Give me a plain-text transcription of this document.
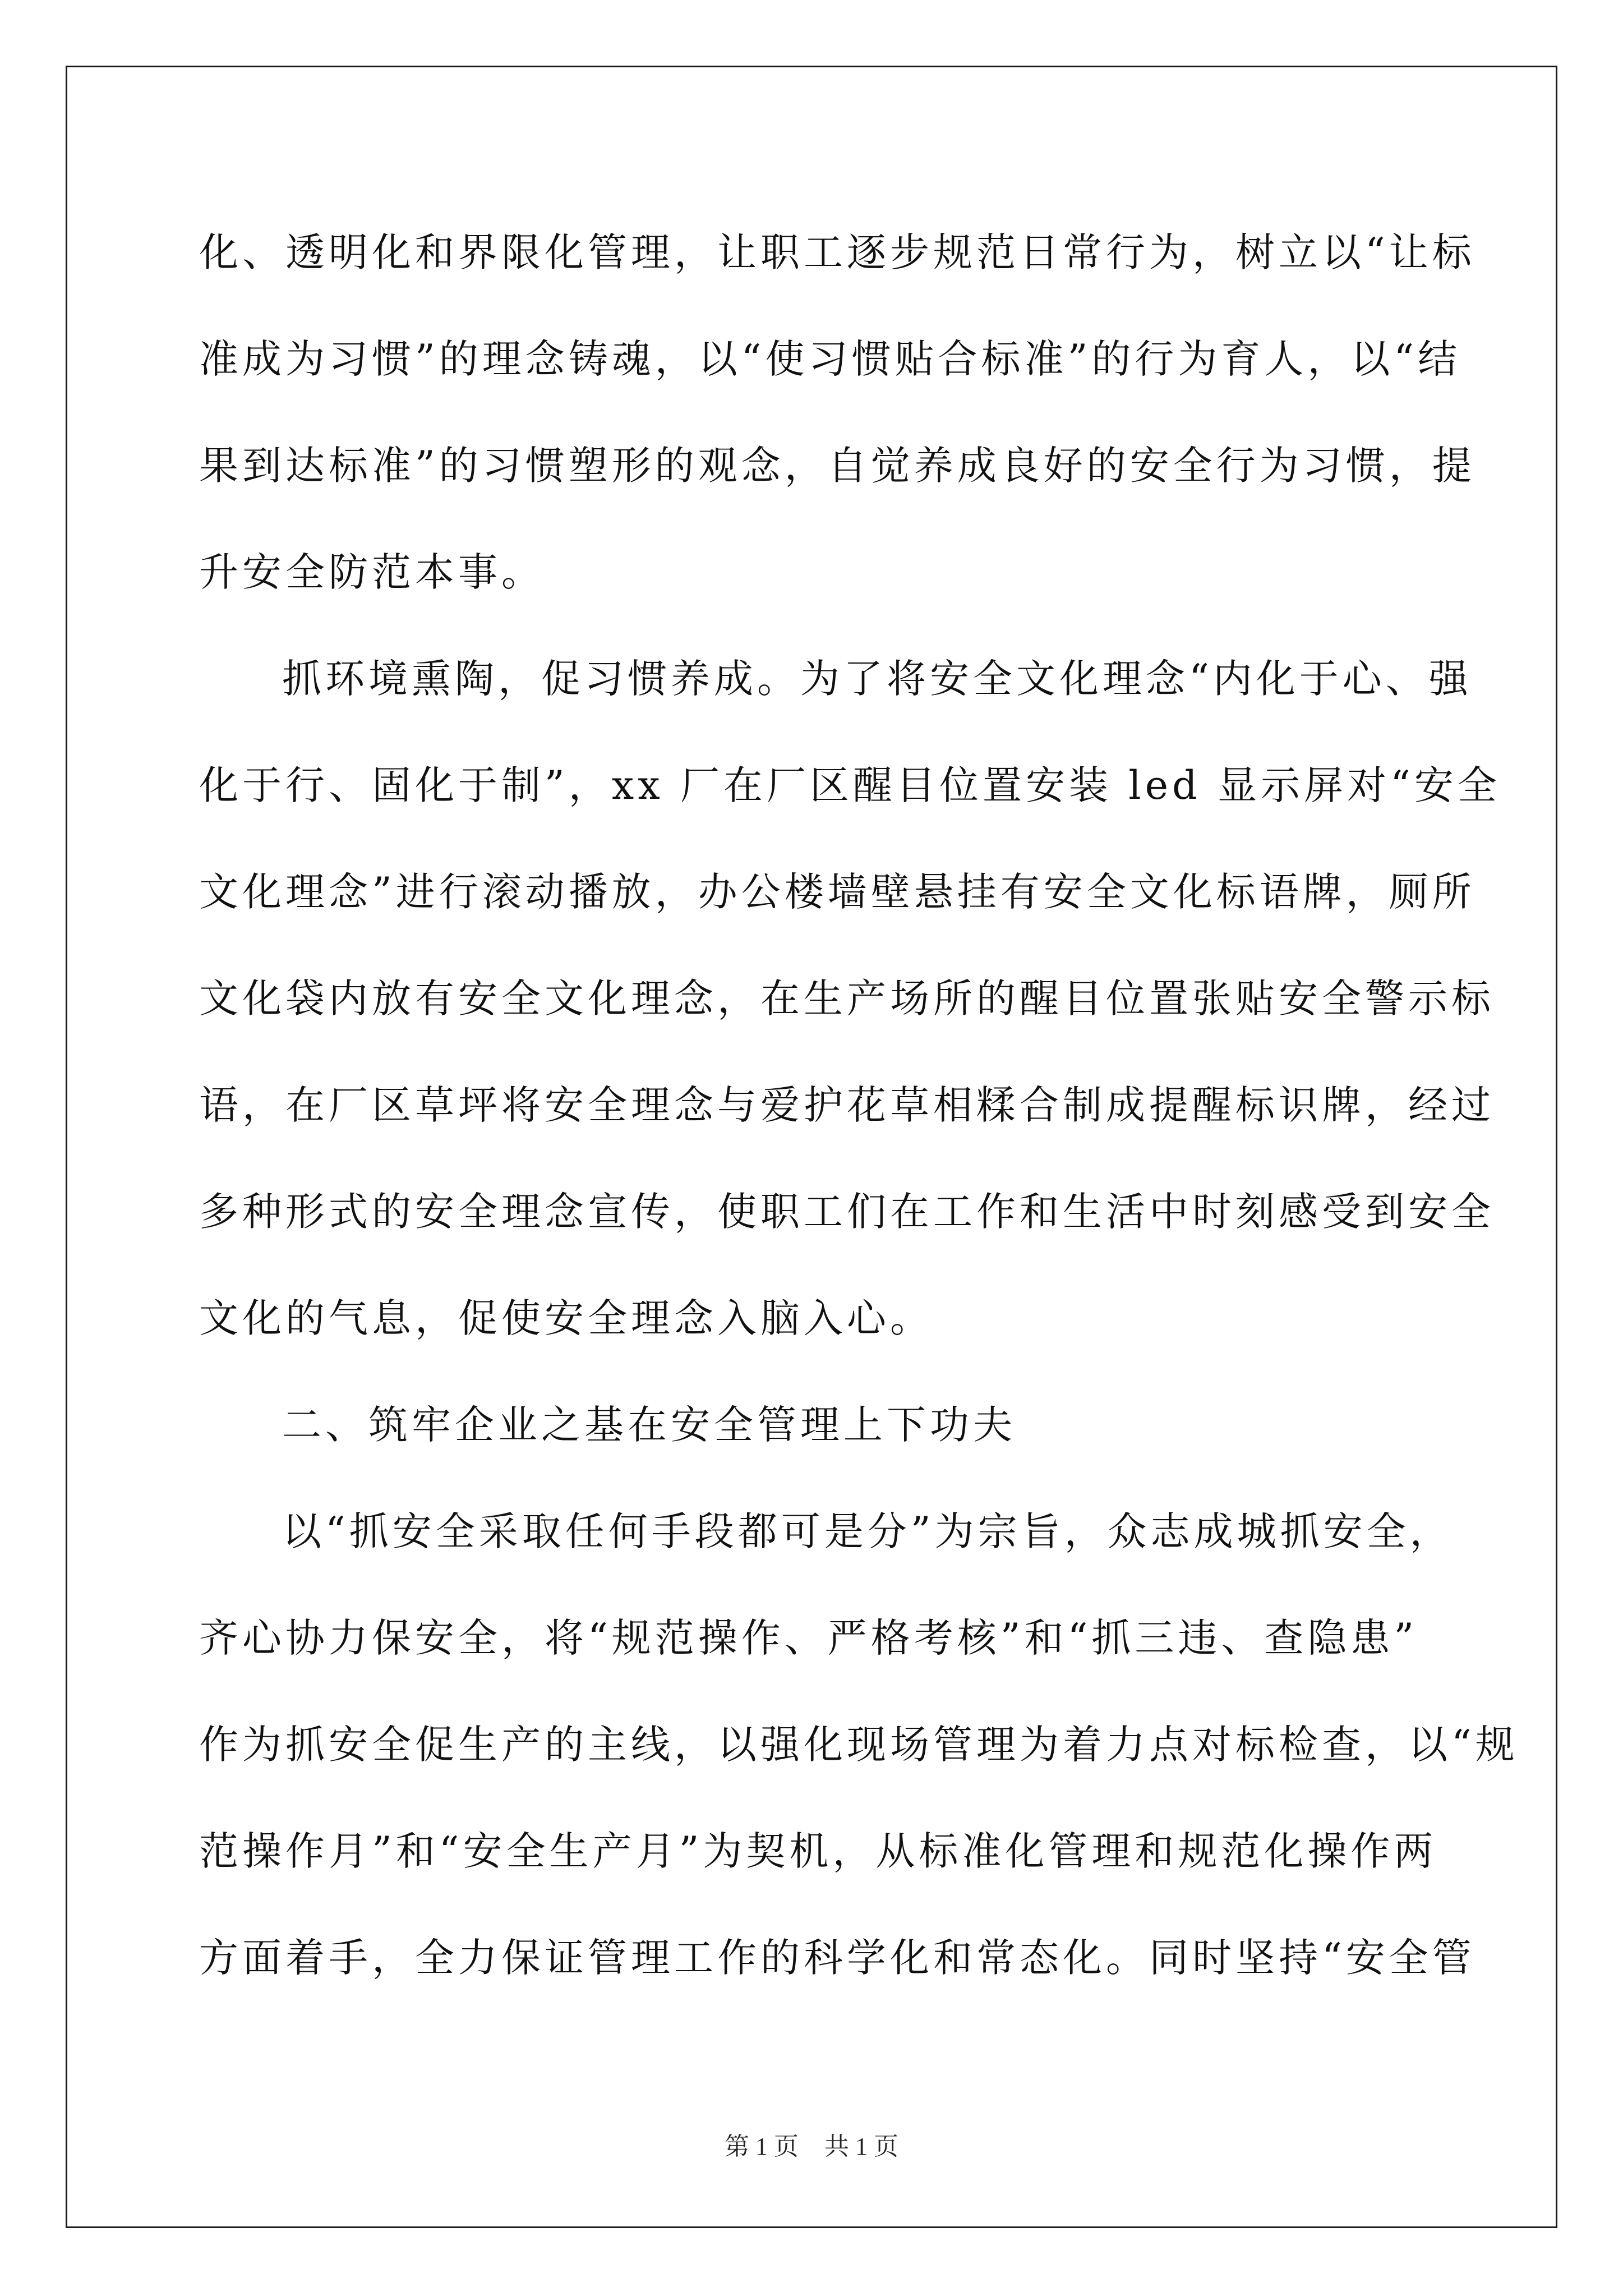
化、透明化和界限化管理，让职工逐步规范日常行为，树立以“让标
准成为习惯”的理念铸魂，以“使习惯贴合标准”的行为育人，以“结
果到达标准”的习惯塑形的观念，自觉养成良好的安全行为习惯，提
升安全防范本事。
抓环境熏陶，促习惯养成。为了将安全文化理念“内化于心、强
化于行、固化于制”，xx 厂在厂区醒目位置安装 led 显示屏对“安全
文化理念”进行滚动播放，办公楼墙壁悬挂有安全文化标语牌，厕所
文化袋内放有安全文化理念，在生产场所的醒目位置张贴安全警示标
语，在厂区草坪将安全理念与爱护花草相糅合制成提醒标识牌，经过
多种形式的安全理念宣传，使职工们在工作和生活中时刻感受到安全
文化的气息，促使安全理念入脑入心。
二、筑牢企业之基在安全管理上下功夫
以“抓安全采取任何手段都可是分”为宗旨，众志成城抓安全，
齐心协力保安全，将“规范操作、严格考核”和“抓三违、查隐患”
作为抓安全促生产的主线，以强化现场管理为着力点对标检查，以“规
范操作月”和“安全生产月”为契机，从标准化管理和规范化操作两
方面着手，全力保证管理工作的科学化和常态化。同时坚持“安全管
第 1 页 共 1 页
